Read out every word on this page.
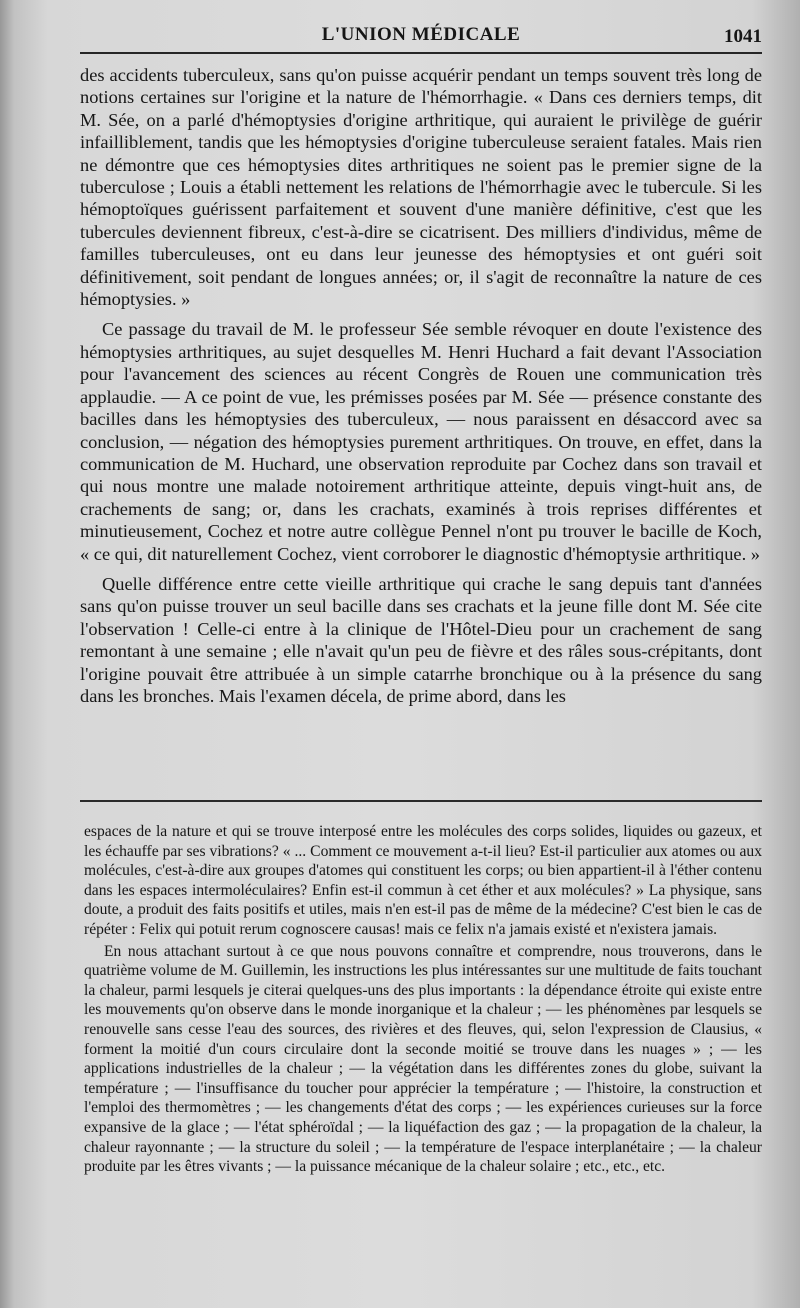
L'UNION MÉDICALE	1041

des accidents tuberculeux, sans qu'on puisse acquérir pendant un temps souvent très long de notions certaines sur l'origine et la nature de l'hémorrhagie. « Dans ces derniers temps, dit M. Sée, on a parlé d'hémoptysies d'origine arthritique, qui auraient le privilège de guérir infailliblement, tandis que les hémoptysies d'origine tuberculeuse seraient fatales. Mais rien ne démontre que ces hémoptysies dites arthritiques ne soient pas le premier signe de la tuberculose ; Louis a établi nettement les relations de l'hémorrhagie avec le tubercule. Si les hémoptoïques guérissent parfaitement et souvent d'une manière définitive, c'est que les tubercules deviennent fibreux, c'est-à-dire se cicatrisent. Des milliers d'individus, même de familles tuberculeuses, ont eu dans leur jeunesse des hémoptysies et ont guéri soit définitivement, soit pendant de longues années; or, il s'agit de reconnaître la nature de ces hémoptysies. »

Ce passage du travail de M. le professeur Sée semble révoquer en doute l'existence des hémoptysies arthritiques, au sujet desquelles M. Henri Huchard a fait devant l'Association pour l'avancement des sciences au récent Congrès de Rouen une communication très applaudie. — A ce point de vue, les prémisses posées par M. Sée — présence constante des bacilles dans les hémoptysies des tuberculeux, — nous paraissent en désaccord avec sa conclusion, — négation des hémoptysies purement arthritiques. On trouve, en effet, dans la communication de M. Huchard, une observation reproduite par Cochez dans son travail et qui nous montre une malade notoirement arthritique atteinte, depuis vingt-huit ans, de crachements de sang; or, dans les crachats, examinés à trois reprises différentes et minutieusement, Cochez et notre autre collègue Pennel n'ont pu trouver le bacille de Koch, « ce qui, dit naturellement Cochez, vient corroborer le diagnostic d'hémoptysie arthritique. »

Quelle différence entre cette vieille arthritique qui crache le sang depuis tant d'années sans qu'on puisse trouver un seul bacille dans ses crachats et la jeune fille dont M. Sée cite l'observation ! Celle-ci entre à la clinique de l'Hôtel-Dieu pour un crachement de sang remontant à une semaine ; elle n'avait qu'un peu de fièvre et des râles sous-crépitants, dont l'origine pouvait être attribuée à un simple catarrhe bronchique ou à la présence du sang dans les bronches. Mais l'examen décela, de prime abord, dans les

espaces de la nature et qui se trouve interposé entre les molécules des corps solides, liquides ou gazeux, et les échauffe par ses vibrations? « ... Comment ce mouvement a-t-il lieu? Est-il particulier aux atomes ou aux molécules, c'est-à-dire aux groupes d'atomes qui constituent les corps; ou bien appartient-il à l'éther contenu dans les espaces intermoléculaires? Enfin est-il commun à cet éther et aux molécules? » La physique, sans doute, a produit des faits positifs et utiles, mais n'en est-il pas de même de la médecine? C'est bien le cas de répéter : Felix qui potuit rerum cognoscere causas! mais ce felix n'a jamais existé et n'existera jamais.

En nous attachant surtout à ce que nous pouvons connaître et comprendre, nous trouverons, dans le quatrième volume de M. Guillemin, les instructions les plus intéressantes sur une multitude de faits touchant la chaleur, parmi lesquels je citerai quelques-uns des plus importants : la dépendance étroite qui existe entre les mouvements qu'on observe dans le monde inorganique et la chaleur ; — les phénomènes par lesquels se renouvelle sans cesse l'eau des sources, des rivières et des fleuves, qui, selon l'expression de Clausius, « forment la moitié d'un cours circulaire dont la seconde moitié se trouve dans les nuages » ; — les applications industrielles de la chaleur ; — la végétation dans les différentes zones du globe, suivant la température ; — l'insuffisance du toucher pour apprécier la température ; — l'histoire, la construction et l'emploi des thermomètres ; — les changements d'état des corps ; — les expériences curieuses sur la force expansive de la glace ; — l'état sphéroïdal ; — la liquéfaction des gaz ; — la propagation de la chaleur, la chaleur rayonnante ; — la structure du soleil ; — la température de l'espace interplanétaire ; — la chaleur produite par les êtres vivants ; — la puissance mécanique de la chaleur solaire ; etc., etc., etc.
